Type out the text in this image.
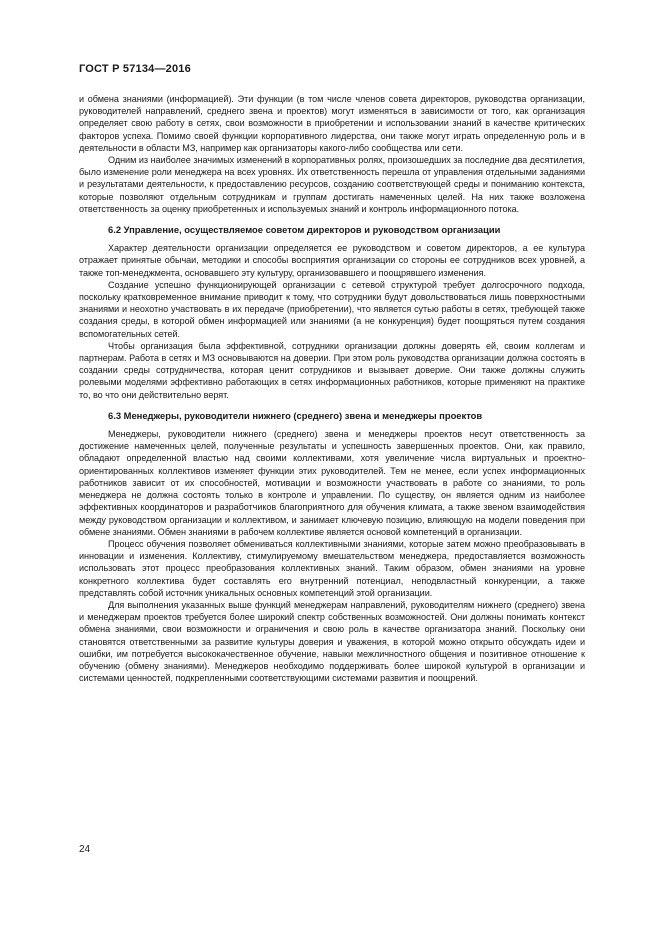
ГОСТ Р 57134—2016

и обмена знаниями (информацией). Эти функции (в том числе членов совета директоров, руководства организации, руководителей направлений, среднего звена и проектов) могут изменяться в зависимости от того, как организация определяет свою работу в сетях, свои возможности в приобретении и использовании знаний в качестве критических факторов успеха. Помимо своей функции корпоративного лидерства, они также могут играть определенную роль и в деятельности в области МЗ, например как организаторы какого-либо сообщества или сети.

Одним из наиболее значимых изменений в корпоративных ролях, произошедших за последние два десятилетия, было изменение роли менеджера на всех уровнях. Их ответственность перешла от управления отдельными заданиями и результатами деятельности, к предоставлению ресурсов, созданию соответствующей среды и пониманию контекста, которые позволяют отдельным сотрудникам и группам достигать намеченных целей. На них также возложена ответственность за оценку приобретенных и используемых знаний и контроль информационного потока.

6.2 Управление, осуществляемое советом директоров и руководством организации

Характер деятельности организации определяется ее руководством и советом директоров, а ее культура отражает принятые обычаи, методики и способы восприятия организации со стороны ее сотрудников всех уровней, а также топ-менеджмента, основавшего эту культуру, организовавшего и поощрявшего изменения.

Создание успешно функционирующей организации с сетевой структурой требует долгосрочного подхода, поскольку кратковременное внимание приводит к тому, что сотрудники будут довольствоваться лишь поверхностными знаниями и неохотно участвовать в их передаче (приобретении), что является сутью работы в сетях, требующей также создания среды, в которой обмен информацией или знаниями (а не конкуренция) будет поощряться путем создания вспомогательных сетей.

Чтобы организация была эффективной, сотрудники организации должны доверять ей, своим коллегам и партнерам. Работа в сетях и МЗ основываются на доверии. При этом роль руководства организации должна состоять в создании среды сотрудничества, которая ценит сотрудников и вызывает доверие. Они также должны служить ролевыми моделями эффективно работающих в сетях информационных работников, которые применяют на практике то, во что они действительно верят.

6.3 Менеджеры, руководители нижнего (среднего) звена и менеджеры проектов

Менеджеры, руководители нижнего (среднего) звена и менеджеры проектов несут ответственность за достижение намеченных целей, полученные результаты и успешность завершенных проектов. Они, как правило, обладают определенной властью над своими коллективами, хотя увеличение числа виртуальных и проектно-ориентированных коллективов изменяет функции этих руководителей. Тем не менее, если успех информационных работников зависит от их способностей, мотивации и возможности участвовать в работе со знаниями, то роль менеджера не должна состоять только в контроле и управлении. По существу, он является одним из наиболее эффективных координаторов и разработчиков благоприятного для обучения климата, а также звеном взаимодействия между руководством организации и коллективом, и занимает ключевую позицию, влияющую на модели поведения при обмене знаниями. Обмен знаниями в рабочем коллективе является основой компетенций в организации.

Процесс обучения позволяет обмениваться коллективными знаниями, которые затем можно преобразовывать в инновации и изменения. Коллективу, стимулируемому вмешательством менеджера, предоставляется возможность использовать этот процесс преобразования коллективных знаний. Таким образом, обмен знаниями на уровне конкретного коллектива будет составлять его внутренний потенциал, неподвластный конкуренции, а также представлять собой источник уникальных основных компетенций этой организации.

Для выполнения указанных выше функций менеджерам направлений, руководителям нижнего (среднего) звена и менеджерам проектов требуется более широкий спектр собственных возможностей. Они должны понимать контекст обмена знаниями, свои возможности и ограничения и свою роль в качестве организатора знаний. Поскольку они становятся ответственными за развитие культуры доверия и уважения, в которой можно открыто обсуждать идеи и ошибки, им потребуется высококачественное обучение, навыки межличностного общения и позитивное отношение к обучению (обмену знаниями). Менеджеров необходимо поддерживать более широкой культурой в организации и системами ценностей, подкрепленными соответствующими системами развития и поощрений.

24
